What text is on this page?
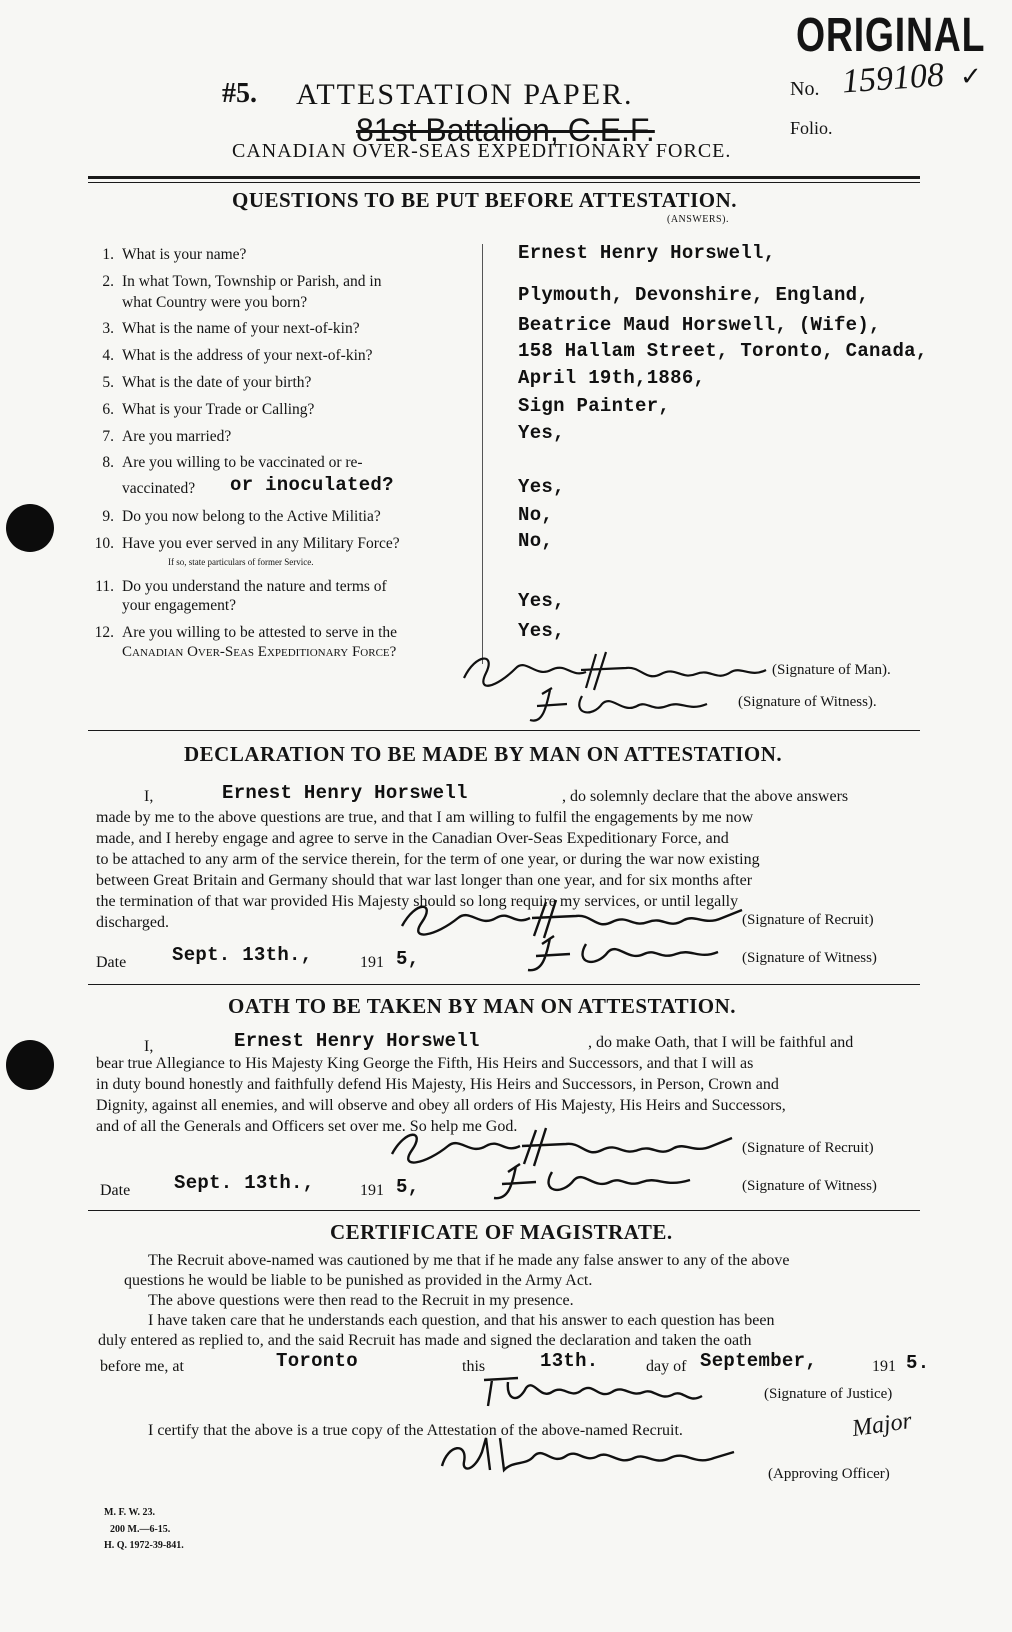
#5. ATTESTATION PAPER.
ORIGINAL
No. 159108 ✓
Folio.
81st Battalion, C.E.F.
CANADIAN OVER-SEAS EXPEDITIONARY FORCE.
QUESTIONS TO BE PUT BEFORE ATTESTATION.
(ANSWERS).
1. What is your name?	Ernest Henry Horswell,
2. In what Town, Township or Parish, and in
what Country were you born?	Plymouth, Devonshire, England,
3. What is the name of your next-of-kin?	Beatrice Maud Horswell, (Wife),
4. What is the address of your next-of-kin?	158 Hallam Street, Toronto, Canada,
5. What is the date of your birth?	April 19th,1886,
6. What is your Trade or Calling?	Sign Painter,
7. Are you married?	Yes,
8. Are you willing to be vaccinated or re-
vaccinated? or inoculated?	Yes,
9. Do you now belong to the Active Militia?	No,
10. Have you ever served in any Military Force?
If so, state particulars of former Service.
No,
11. Do you understand the nature and terms of
your engagement?	Yes,
12. Are you willing to be attested to serve in the
Canadian Over-Seas Expeditionary Force?
Yes,
(Signature of Man).
(Signature of Witness).
DECLARATION TO BE MADE BY MAN ON ATTESTATION.
I,	Ernest Henry Horswell	, do solemnly declare that the above answers
made by me to the above questions are true, and that I am willing to fulfil the engagements by me now
made, and I hereby engage and agree to serve in the Canadian Over-Seas Expeditionary Force, and
to be attached to any arm of the service therein, for the term of one year, or during the war now existing
between Great Britain and Germany should that war last longer than one year, and for six months after
the termination of that war provided His Majesty should so long require my services, or until legally
discharged.	(Signature of Recruit)
Date Sept. 13th.,	191 5,	(Signature of Witness)
OATH TO BE TAKEN BY MAN ON ATTESTATION.
I,	Ernest Henry Horswell	, do make Oath, that I will be faithful and
bear true Allegiance to His Majesty King George the Fifth, His Heirs and Successors, and that I will as
in duty bound honestly and faithfully defend His Majesty, His Heirs and Successors, in Person, Crown and
Dignity, against all enemies, and will observe and obey all orders of His Majesty, His Heirs and Successors,
and of all the Generals and Officers set over me. So help me God.
(Signature of Recruit)
Date Sept. 13th.,	191 5,	(Signature of Witness)
CERTIFICATE OF MAGISTRATE.
The Recruit above-named was cautioned by me that if he made any false answer to any of the above
questions he would be liable to be punished as provided in the Army Act.
The above questions were then read to the Recruit in my presence.
I have taken care that he understands each question, and that his answer to each question has been
duly entered as replied to, and the said Recruit has made and signed the declaration and taken the oath
before me, at	Toronto	this	13th.	day of September,	191 5.
(Signature of Justice)
I certify that the above is a true copy of the Attestation of the above-named Recruit.	Major
(Approving Officer)
M. F. W. 23.
200 M.—6-15.
H. Q. 1972-39-841.
